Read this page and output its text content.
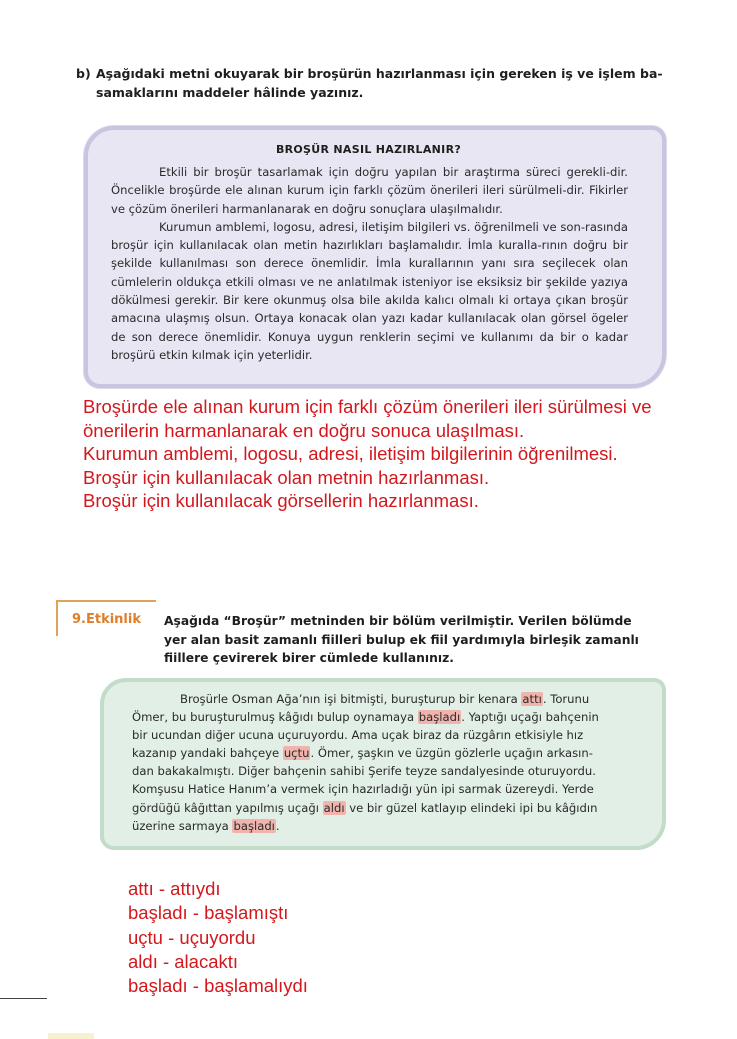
b) Aşağıdaki metni okuyarak bir broşürün hazırlanması için gereken iş ve işlem ba-
samaklarını maddeler hâlinde yazınız.
BROŞÜR NASIL HAZIRLANIR?

Etkili bir broşür tasarlamak için doğru yapılan bir araştırma süreci gerekli-dir. Öncelikle broşürde ele alınan kurum için farklı çözüm önerileri ileri sürülmeli-dir. Fikirler ve çözüm önerileri harmanlanarak en doğru sonuçlara ulaşılmalıdır.

Kurumun amblemi, logosu, adresi, iletişim bilgileri vs. öğrenilmeli ve son-rasında broşür için kullanılacak olan metin hazırlıkları başlamalıdır. İmla kuralla-rının doğru bir şekilde kullanılması son derece önemlidir. İmla kurallarının yanı sıra seçilecek olan cümlelerin oldukça etkili olması ve ne anlatılmak isteniyor ise eksiksiz bir şekilde yazıya dökülmesi gerekir. Bir kere okunmuş olsa bile akılda kalıcı olmalı ki ortaya çıkan broşür amacına ulaşmış olsun. Ortaya konacak olan yazı kadar kullanılacak olan görsel ögeler de son derece önemlidir. Konuya uygun renklerin seçimi ve kullanımı da bir o kadar broşürü etkin kılmak için yeterlidir.

Broşürde ele alınan kurum için farklı çözüm önerileri ileri sürülmesi ve
önerilerin harmanlanarak en doğru sonuca ulaşılması.
Kurumun amblemi, logosu, adresi, iletişim bilgilerinin öğrenilmesi.
Broşür için kullanılacak olan metnin hazırlanması.
Broşür için kullanılacak görsellerin hazırlanması.
9.Etkinlik Aşağıda “Broşür” metninden bir bölüm verilmiştir. Verilen bölümde
yer alan basit zamanlı fiilleri bulup ek fiil yardımıyla birleşik zamanlı
fiillere çevirerek birer cümlede kullanınız.
Broşürle Osman Ağa’nın işi bitmişti, buruşturup bir kenara attı. Torunu
Ömer, bu buruşturulmuş kâğıdı bulup oynamaya başladı. Yaptığı uçağı bahçenin
bir ucundan diğer ucuna uçuruyordu. Ama uçak biraz da rüzgârın etkisiyle hız
kazanıp yandaki bahçeye uçtu. Ömer, şaşkın ve üzgün gözlerle uçağın arkasın-
dan bakakalmıştı. Diğer bahçenin sahibi Şerife teyze sandalyesinde oturuyordu.
Komşusu Hatice Hanım’a vermek için hazırladığı yün ipi sarmak üzereydi. Yerde
gördüğü kâğıttan yapılmış uçağı aldı ve bir güzel katlayıp elindeki ipi bu kâğıdın
üzerine sarmaya başladı.
attı - attıydı
başladı - başlamıştı
uçtu - uçuyordu
aldı - alacaktı
başladı - başlamalıydı
